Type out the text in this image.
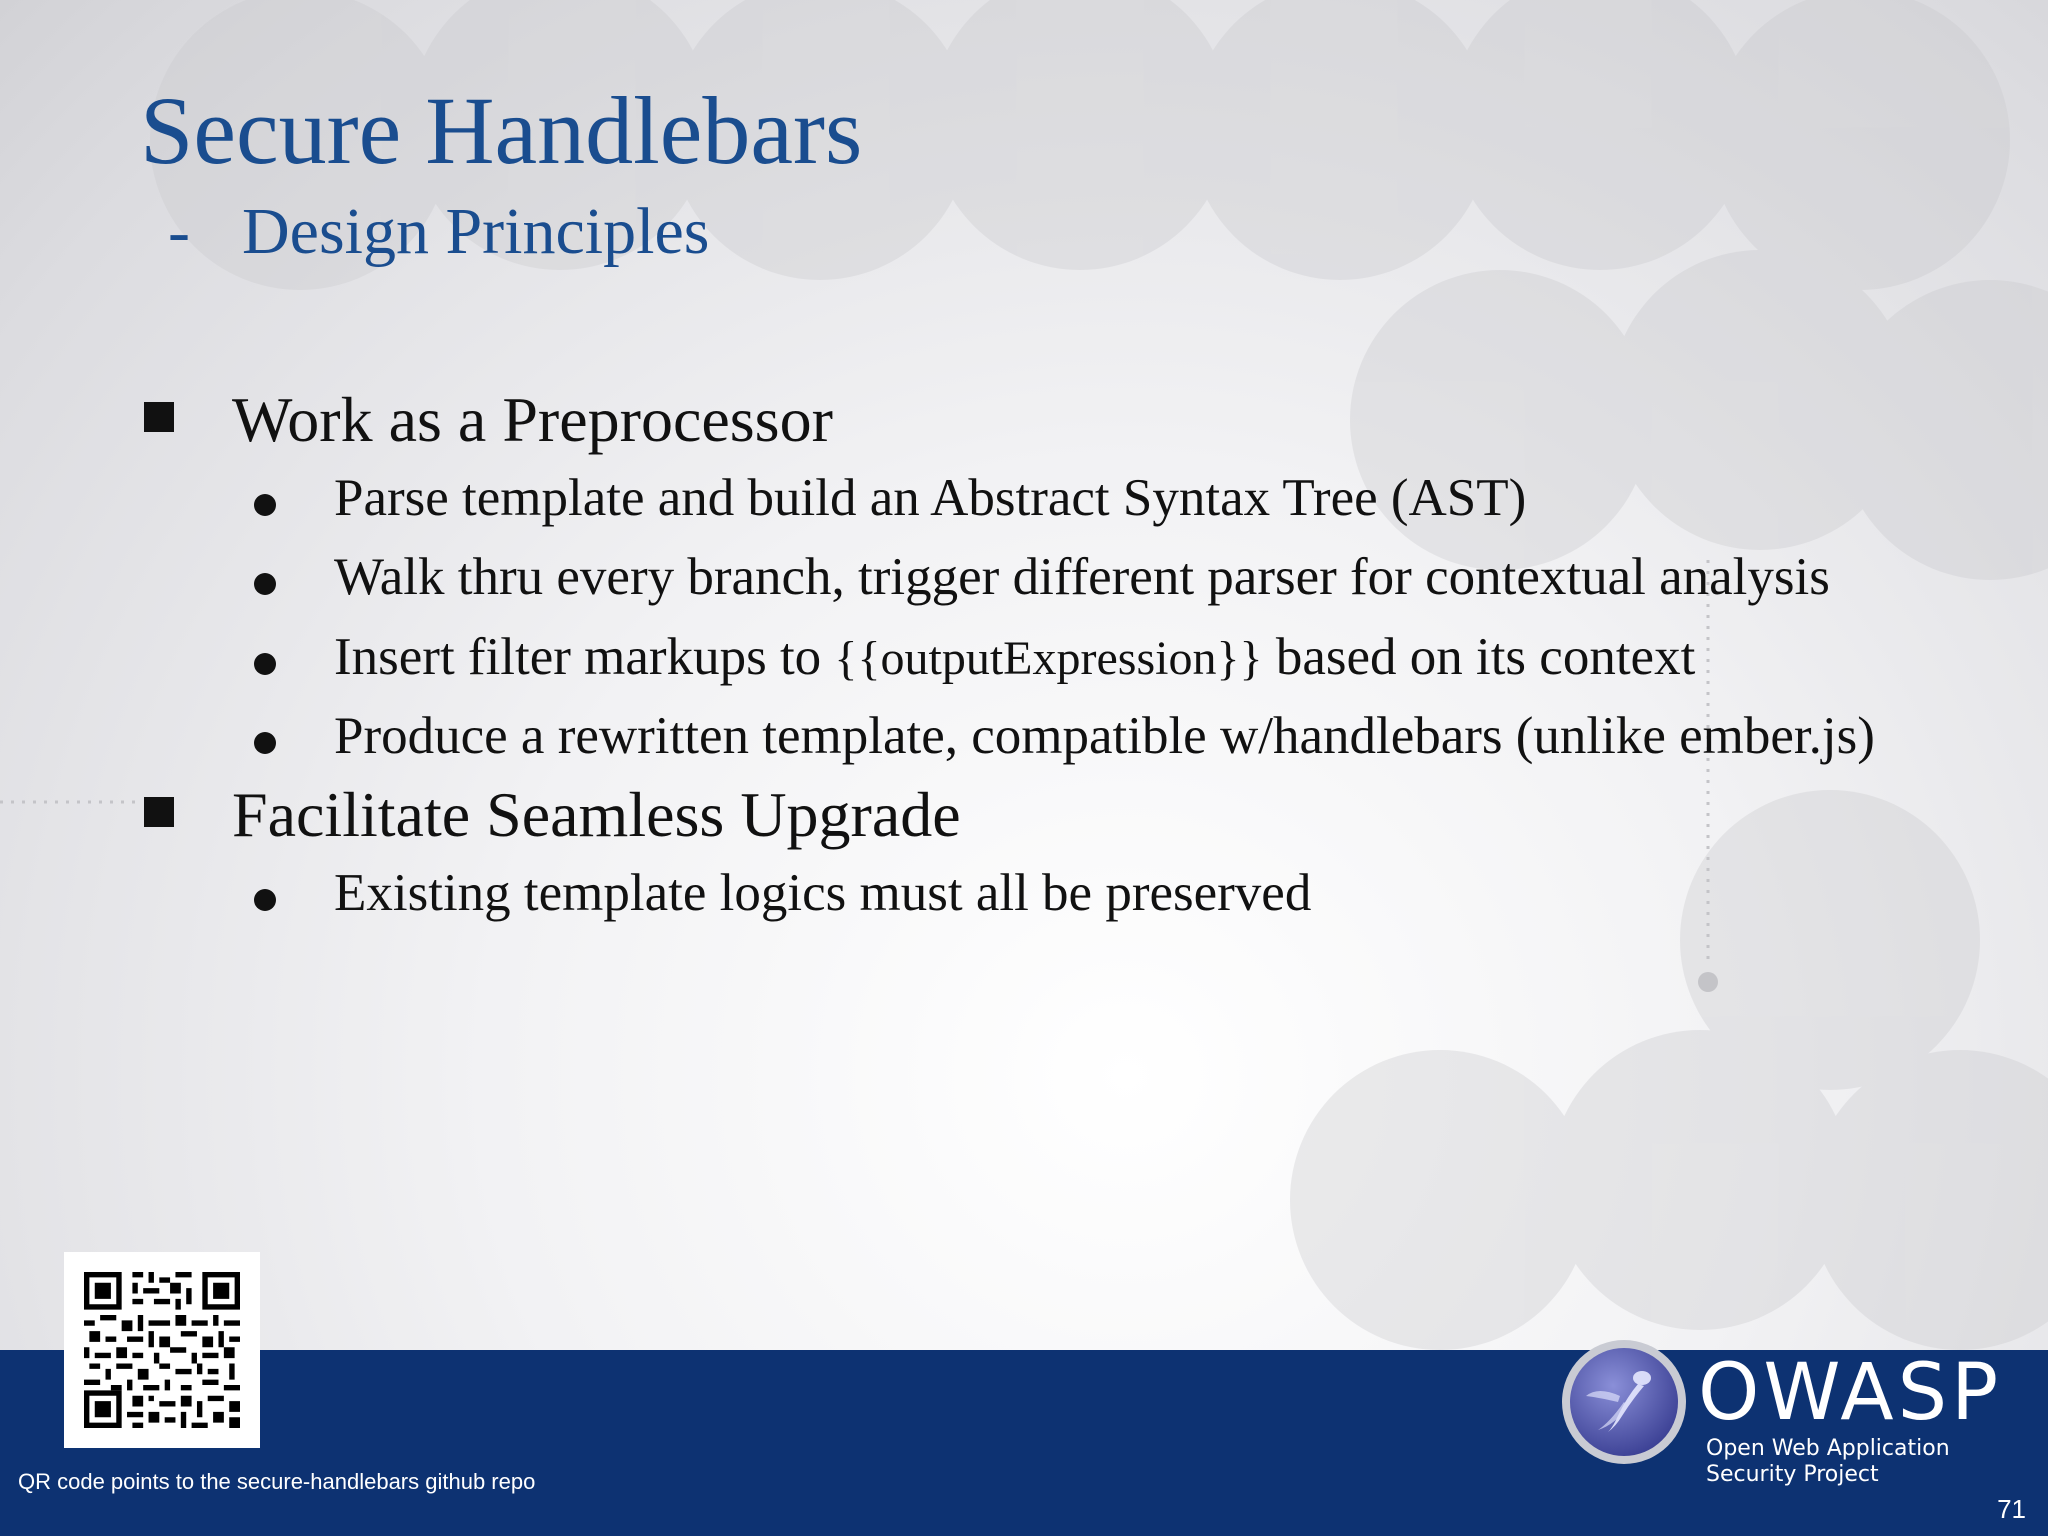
Secure Handlebars
- Design Principles
Work as a Preprocessor
Parse template and build an Abstract Syntax Tree (AST)
Walk thru every branch, trigger different parser for contextual analysis
Insert filter markups to {{outputExpression}} based on its context
Produce a rewritten template, compatible w/handlebars (unlike ember.js)
Facilitate Seamless Upgrade
Existing template logics must all be preserved
QR code points to the secure-handlebars github repo
OWASP
Open Web Application
Security Project
71
